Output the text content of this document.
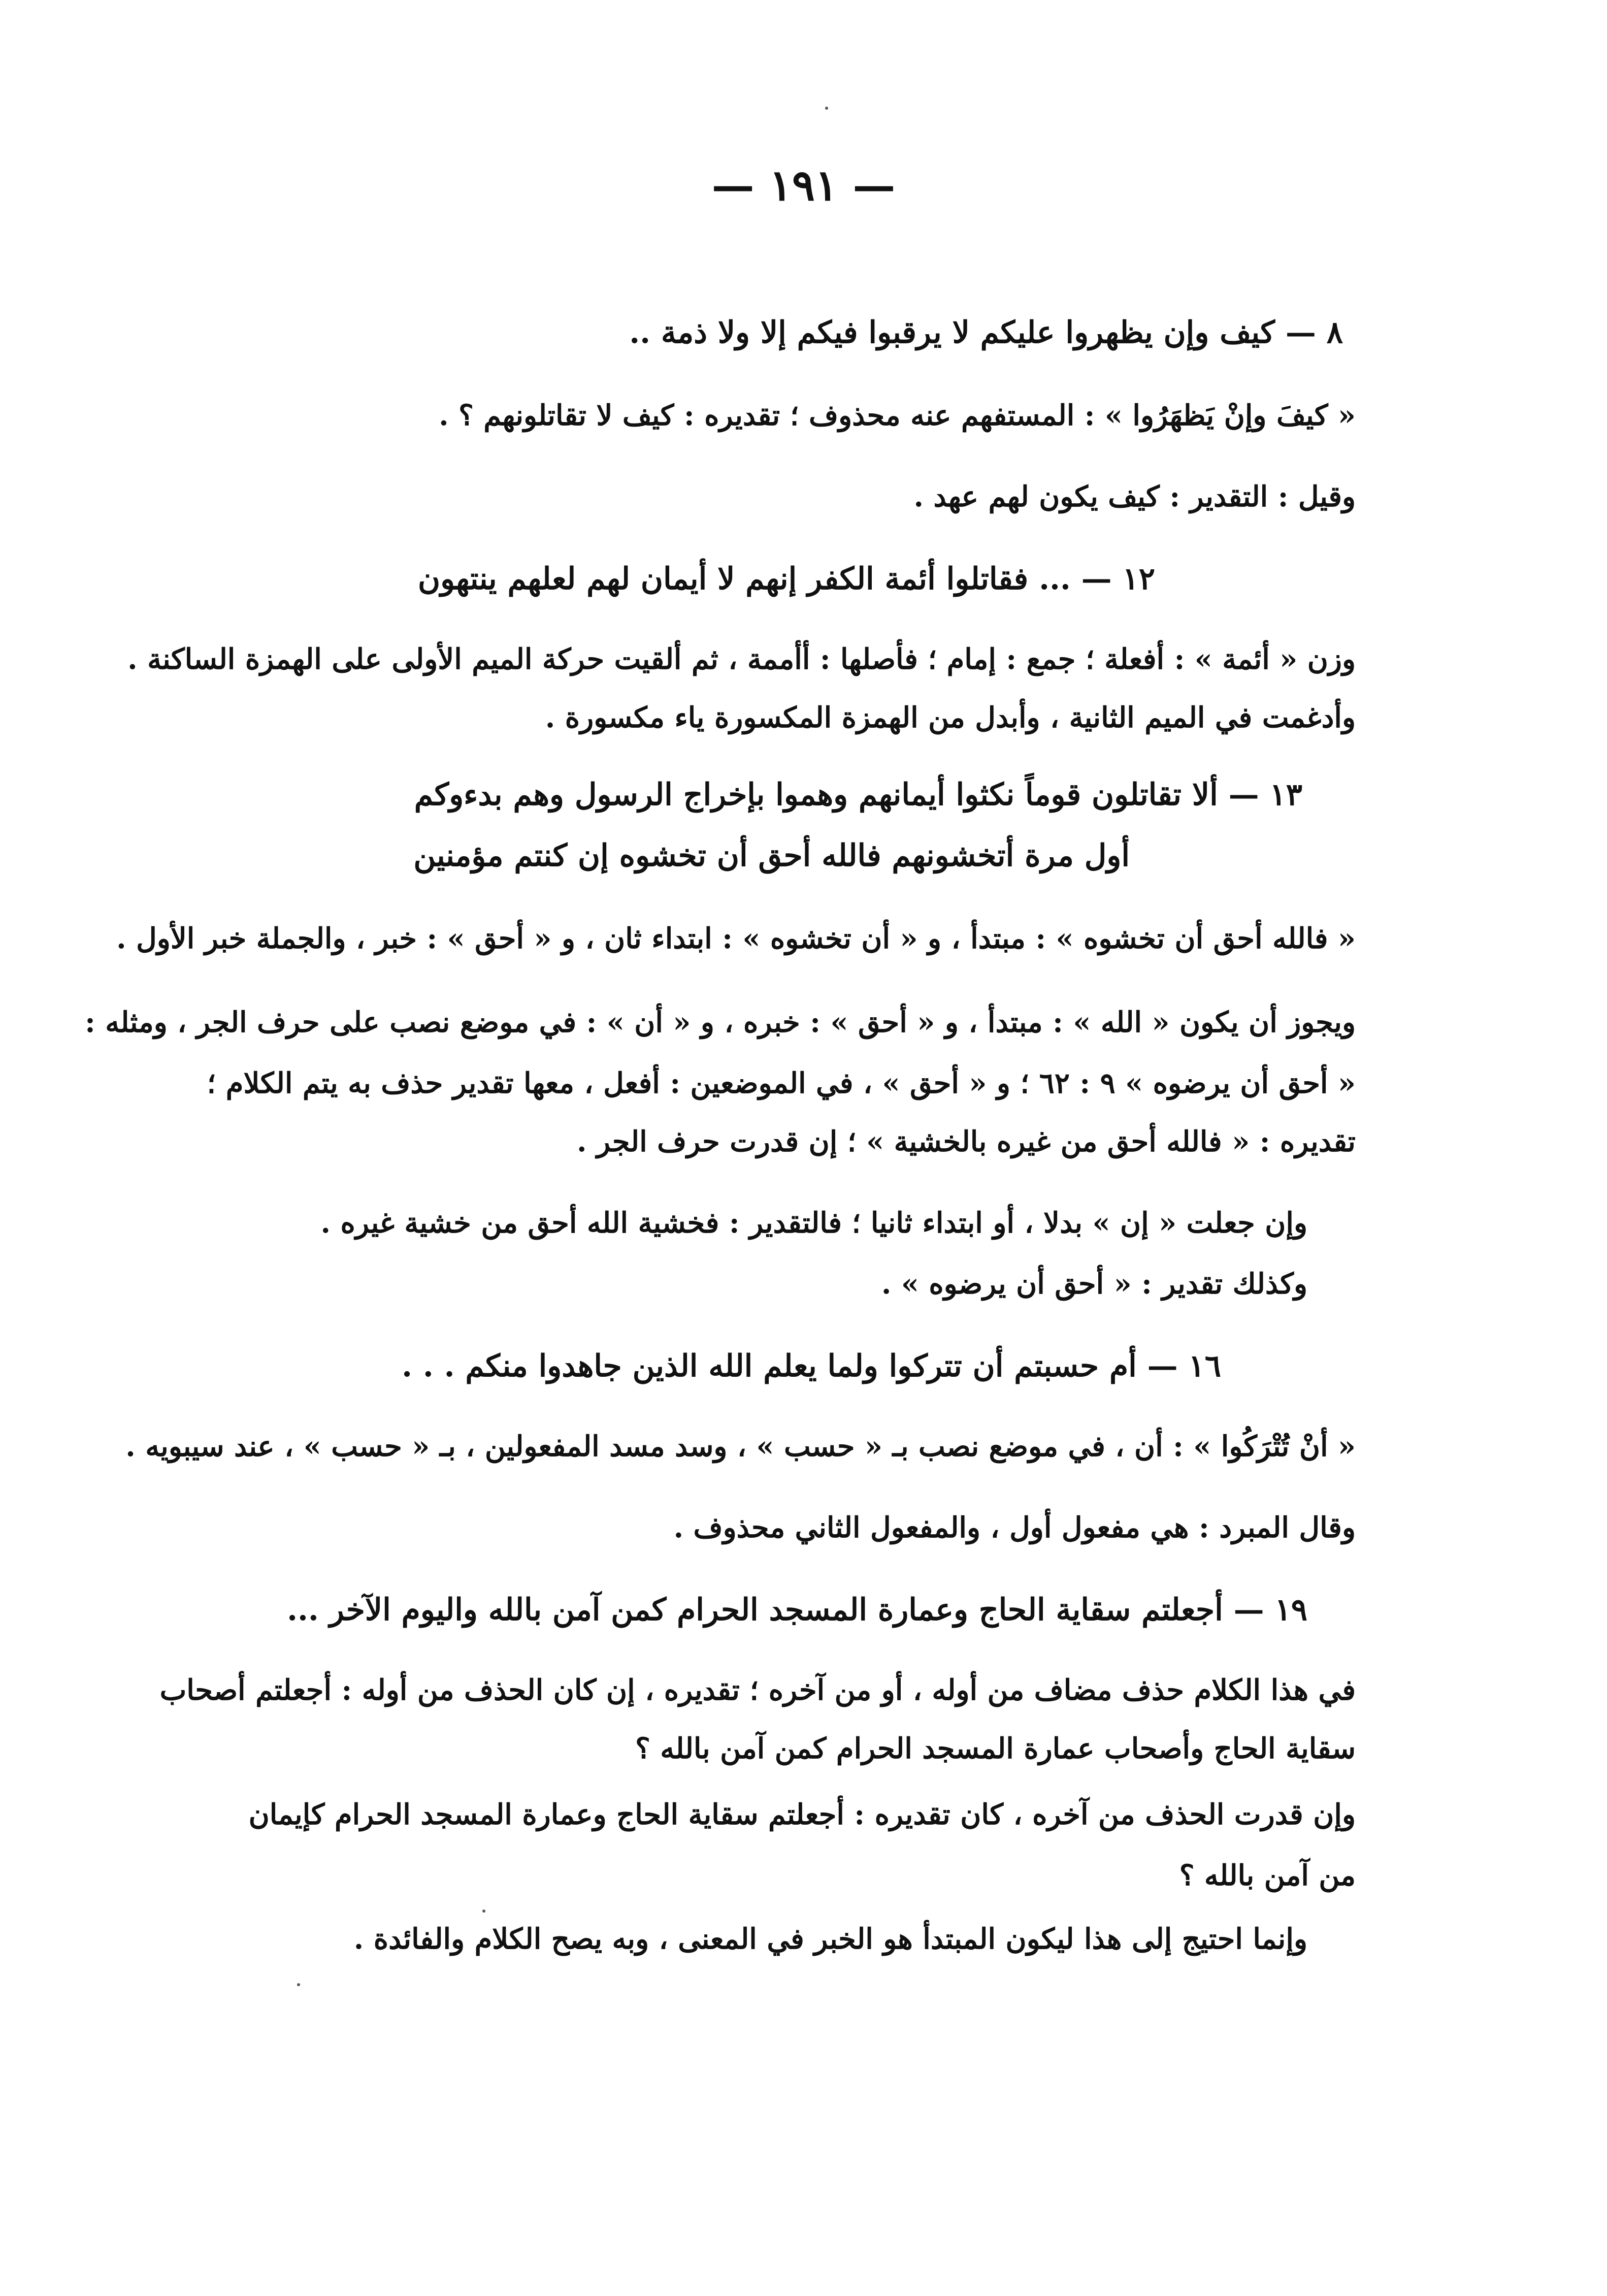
— ١٩١ —
٨ — كيف وإن يظهروا عليكم لا يرقبوا فيكم إلا ولا ذمة ..
« كيفَ وإنْ يَظهَرُوا » : المستفهم عنه محذوف ؛ تقديره : كيف لا تقاتلونهم ؟ .
وقيل : التقدير : كيف يكون لهم عهد .
١٢ — ... فقاتلوا أئمة الكفر إنهم لا أيمان لهم لعلهم ينتهون
وزن « أئمة » : أفعلة ؛ جمع : إمام ؛ فأصلها : أأممة ، ثم ألقيت حركة الميم الأولى على الهمزة الساكنة .
وأدغمت في الميم الثانية ، وأبدل من الهمزة المكسورة ياء مكسورة .
١٣ — ألا تقاتلون قوماً نكثوا أيمانهم وهموا بإخراج الرسول وهم بدءوكم
أول مرة أتخشونهم فالله أحق أن تخشوه إن كنتم مؤمنين
« فالله أحق أن تخشوه » : مبتدأ ، و « أن تخشوه » : ابتداء ثان ، و « أحق » : خبر ، والجملة خبر الأول .
ويجوز أن يكون « الله » : مبتدأ ، و « أحق » : خبره ، و « أن » : في موضع نصب على حرف الجر ، ومثله :
« أحق أن يرضوه » ٩ : ٦٢ ؛ و « أحق » ، في الموضعين : أفعل ، معها تقدير حذف به يتم الكلام ؛
تقديره : « فالله أحق من غيره بالخشية » ؛ إن قدرت حرف الجر .
وإن جعلت « إن » بدلا ، أو ابتداء ثانيا ؛ فالتقدير : فخشية الله أحق من خشية غيره .
وكذلك تقدير : « أحق أن يرضوه » .
١٦ — أم حسبتم أن تتركوا ولما يعلم الله الذين جاهدوا منكم . . .
« أنْ تُتْرَكُوا » : أن ، في موضع نصب بـ « حسب » ، وسد مسد المفعولين ، بـ « حسب » ، عند سيبويه .
وقال المبرد : هي مفعول أول ، والمفعول الثاني محذوف .
١٩ — أجعلتم سقاية الحاج وعمارة المسجد الحرام كمن آمن بالله واليوم الآخر ...
في هذا الكلام حذف مضاف من أوله ، أو من آخره ؛ تقديره ، إن كان الحذف من أوله : أجعلتم أصحاب
سقاية الحاج وأصحاب عمارة المسجد الحرام كمن آمن بالله ؟
وإن قدرت الحذف من آخره ، كان تقديره : أجعلتم سقاية الحاج وعمارة المسجد الحرام كإيمان
من آمن بالله ؟
وإنما احتيج إلى هذا ليكون المبتدأ هو الخبر في المعنى ، وبه يصح الكلام والفائدة .
